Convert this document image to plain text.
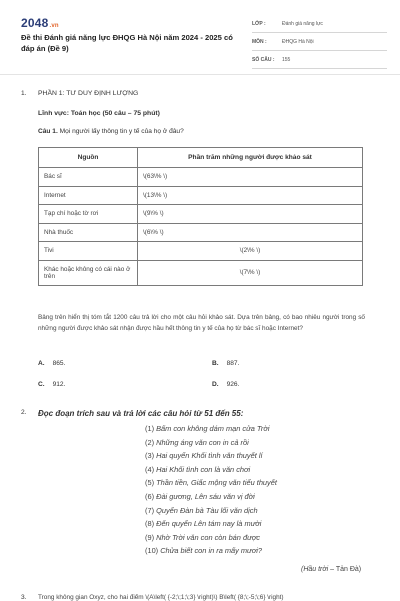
2048.vn
Đề thi Đánh giá năng lực ĐHQG Hà Nội năm 2024 - 2025 có đáp án (Đề 9)
LỚP :	Đánh giá năng lực
MÔN :	ĐHQG Hà Nội
SỐ CÂU :	155
1. PHẦN 1: TƯ DUY ĐỊNH LƯỢNG
Lĩnh vực: Toán học (50 câu – 75 phút)
Câu 1. Mọi người lấy thông tin y tế của họ ở đâu?
Nguồn	Phần trăm những người được khảo sát
Bác sĩ	\(63\% \)
Internet	\(13\% \)
Tạp chí hoặc tờ rơi	\(9\% \)
Nhà thuốc	\(6\% \)
Tivi	\(2\% \)
Khác hoặc không có cái nào ở trên	\(7\% \)
Bảng trên hiển thị tóm tắt 1200 câu trả lời cho một câu hỏi khảo sát. Dựa trên bảng, có bao nhiêu người trong số những người được khảo sát nhận được hầu hết thông tin y tế của họ từ bác sĩ hoặc Internet?
A. 865.	B. 887.
C. 912.	D. 926.
2. Đọc đoạn trích sau và trả lời các câu hỏi từ 51 đến 55:
(1) Bấm con không dám mạn cửa Trời
(2) Những áng văn con in cả rồi
(3) Hai quyển Khối tình văn thuyết lí
(4) Hai Khối tình con là văn chơi
(5) Thần tiền, Giấc mộng văn tiểu thuyết
(6) Đài gương, Lên sáu văn vị đời
(7) Quyển Đàn bà Tàu lối văn dịch
(8) Đến quyển Lên tám nay là mười
(9) Nhờ Trời văn con còn bán được
(10) Chửa biết con in ra mấy mươi?
(Hầu trời – Tản Đà)
3. Trong không gian Oxyz, cho hai điểm \(A\left( {-2;\;1;\;3} \right)\) B\left( {8;\;-5;\;6} \right)
